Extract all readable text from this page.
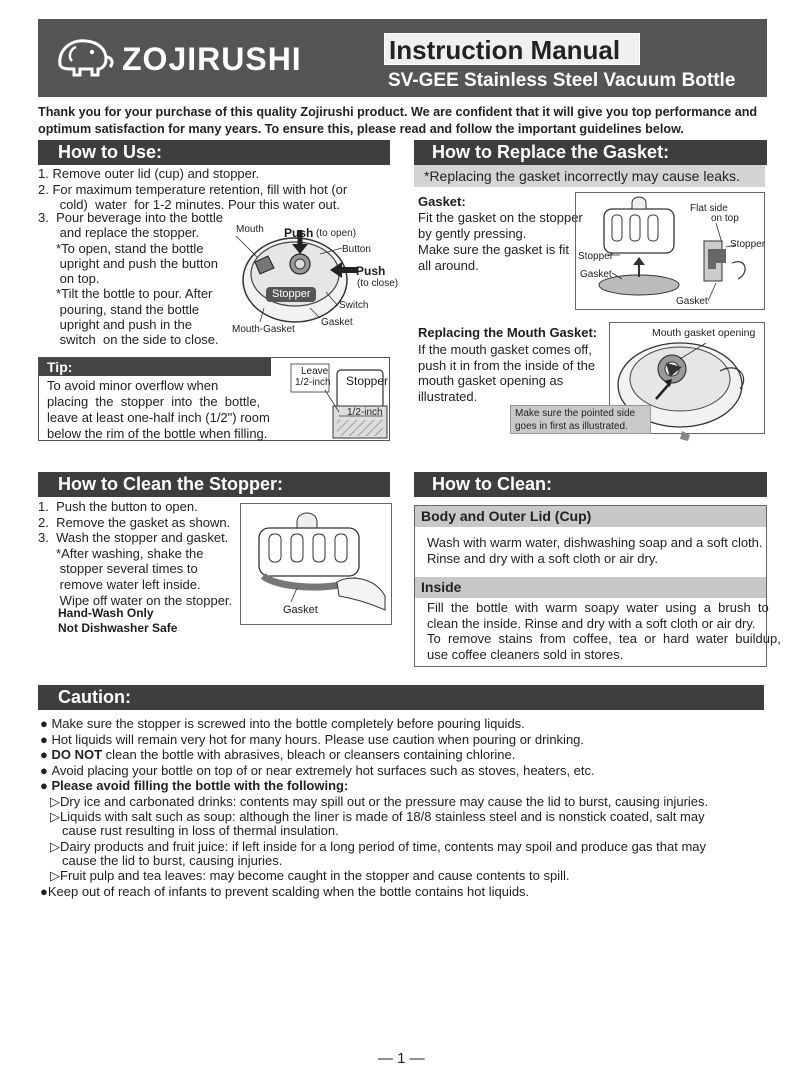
ZOJIRUSHI	Instruction Manual
SV-GEE Stainless Steel Vacuum Bottle
Thank you for your purchase of this quality Zojirushi product. We are confident that it will give you top performance and
optimum satisfaction for many years. To ensure this, please read and follow the important guidelines below.
How to Use:
1. Remove outer lid (cup) and stopper.
2. For maximum temperature retention, fill with hot (or
cold)  water  for 1-2 minutes. Pour this water out.
3.  Pour beverage into the bottle
and replace the stopper.
*To open, stand the bottle
upright and push the button
on top.
*Tilt the bottle to pour. After
pouring, stand the bottle
upright and push in the
switch  on the side to close.
Mouth Push (to open)
Button
Push
(to close)
Stopper
Switch
Gasket
Mouth-Gasket
Tip:
To avoid minor overflow when
placing  the  stopper  into  the  bottle,
leave at least one-half inch (1/2") room
below the rim of the bottle when filling.
Leave
1/2-inch Stopper
1/2-inch
How to Replace the Gasket:
*Replacing the gasket incorrectly may cause leaks.
Gasket:
Fit the gasket on the stopper
by gently pressing.
Make sure the gasket is fit
all around.
Flat side
on top
Stopper
Stopper
Gasket
Gasket
Replacing the Mouth Gasket:
If the mouth gasket comes off,
push it in from the inside of the
mouth gasket opening as
illustrated.
Mouth gasket opening
Make sure the pointed side
goes in first as illustrated.
How to Clean the Stopper:
1.  Push the button to open.
2.  Remove the gasket as shown.
3.  Wash the stopper and gasket.
*After washing, shake the
stopper several times to
remove water left inside.
Wipe off water on the stopper.
Hand-Wash Only
Not Dishwasher Safe
Gasket
How to Clean:
Body and Outer Lid (Cup)
Wash with warm water, dishwashing soap and a soft cloth.
Rinse and dry with a soft cloth or air dry.
Inside
Fill  the  bottle  with  warm  soapy  water  using  a  brush  to
clean the inside. Rinse and dry with a soft cloth or air dry.
To  remove  stains  from  coffee,  tea  or  hard  water  buildup,
use coffee cleaners sold in stores.
Caution:
● Make sure the stopper is screwed into the bottle completely before pouring liquids.
● Hot liquids will remain very hot for many hours. Please use caution when pouring or drinking.
● DO NOT clean the bottle with abrasives, bleach or cleansers containing chlorine.
● Avoid placing your bottle on top of or near extremely hot surfaces such as stoves, heaters, etc.
● Please avoid filling the bottle with the following:
▷Dry ice and carbonated drinks: contents may spill out or the pressure may cause the lid to burst, causing injuries.
▷Liquids with salt such as soup: although the liner is made of 18/8 stainless steel and is nonstick coated, salt may
cause rust resulting in loss of thermal insulation.
▷Dairy products and fruit juice: if left inside for a long period of time, contents may spoil and produce gas that may
cause the lid to burst, causing injuries.
▷Fruit pulp and tea leaves: may become caught in the stopper and cause contents to spill.
●Keep out of reach of infants to prevent scalding when the bottle contains hot liquids.
― 1 ―
